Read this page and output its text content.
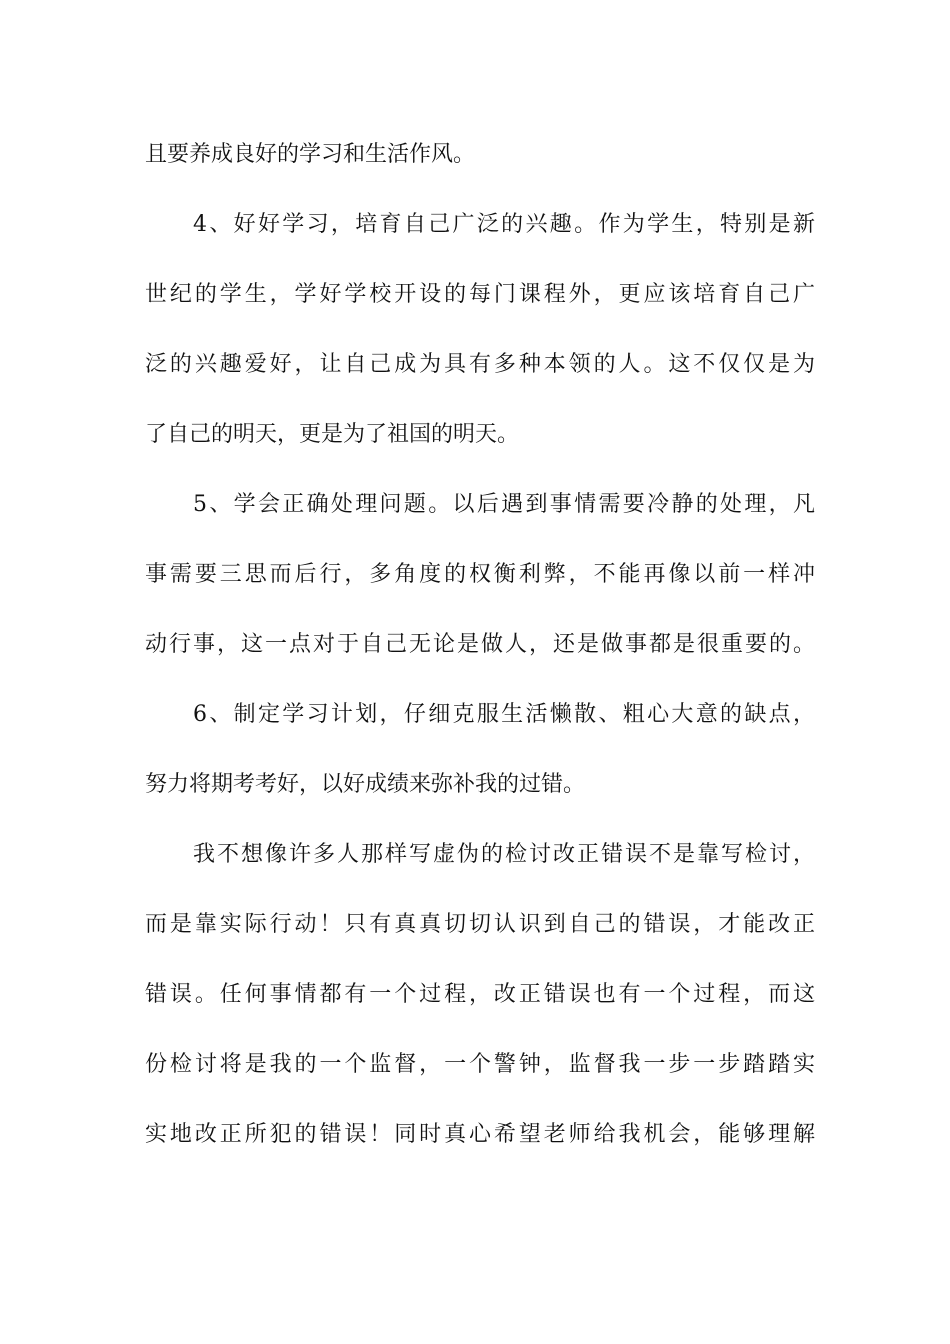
且要养成良好的学习和生活作风。

4、好好学习，培育自己广泛的兴趣。作为学生，特别是新

世纪的学生，学好学校开设的每门课程外，更应该培育自己广

泛的兴趣爱好，让自己成为具有多种本领的人。这不仅仅是为

了自己的明天，更是为了祖国的明天。

5、学会正确处理问题。以后遇到事情需要冷静的处理，凡

事需要三思而后行，多角度的权衡利弊，不能再像以前一样冲

动行事，这一点对于自己无论是做人，还是做事都是很重要的。

6、制定学习计划，仔细克服生活懒散、粗心大意的缺点，

努力将期考考好，以好成绩来弥补我的过错。

我不想像许多人那样写虚伪的检讨改正错误不是靠写检讨，

而是靠实际行动！只有真真切切认识到自己的错误，才能改正

错误。任何事情都有一个过程，改正错误也有一个过程，而这

份检讨将是我的一个监督，一个警钟，监督我一步一步踏踏实

实地改正所犯的错误！同时真心希望老师给我机会，能够理解
